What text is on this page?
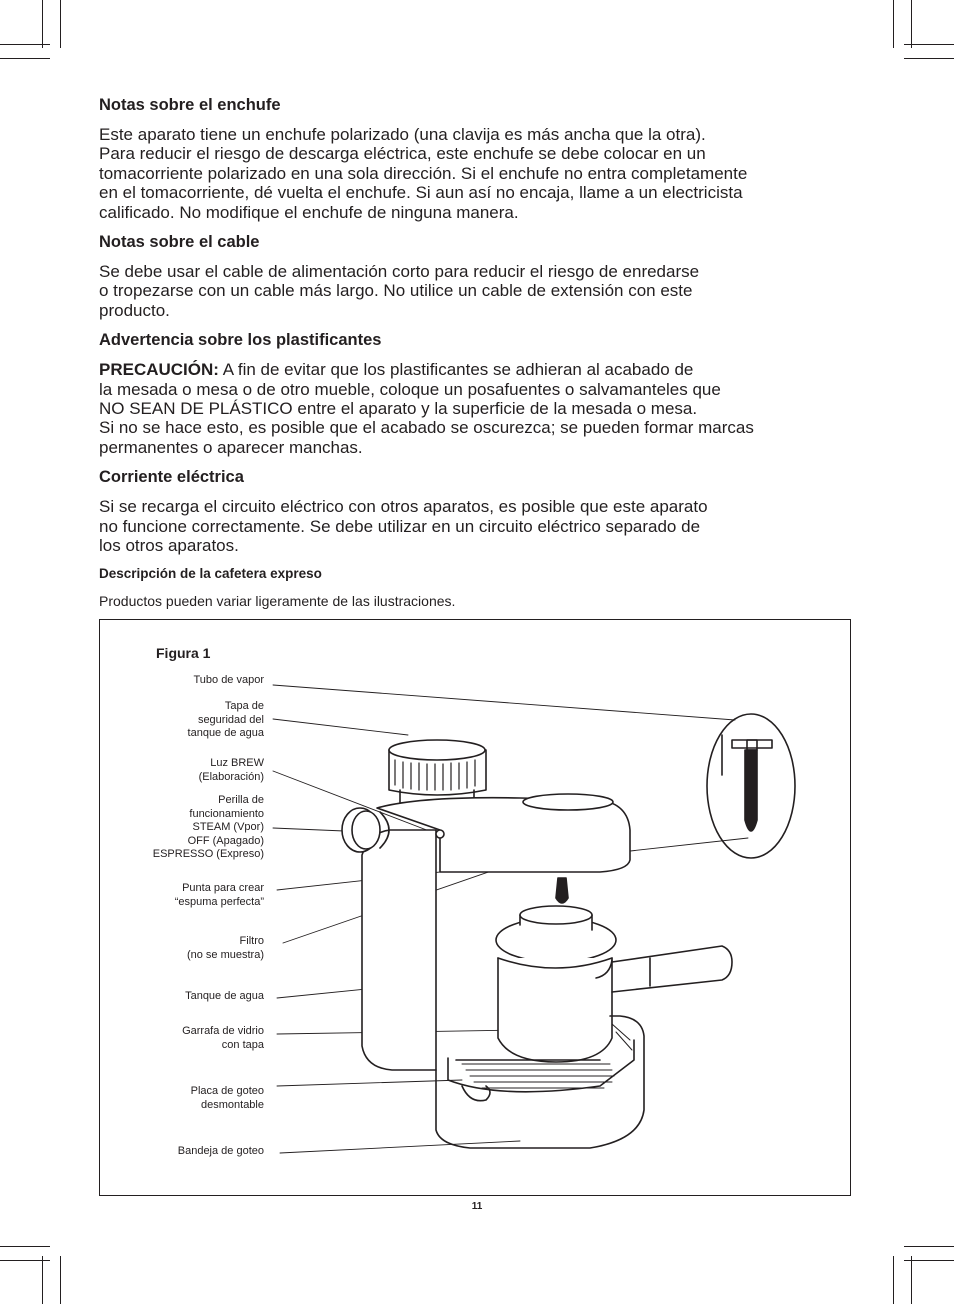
Notas sobre el enchufe

Este aparato tiene un enchufe polarizado (una clavija es más ancha que la otra).
Para reducir el riesgo de descarga eléctrica, este enchufe se debe colocar en un
tomacorriente polarizado en una sola dirección. Si el enchufe no entra completamente
en el tomacorriente, dé vuelta el enchufe. Si aun así no encaja, llame a un electricista
calificado. No modifique el enchufe de ninguna manera.

Notas sobre el cable

Se debe usar el cable de alimentación corto para reducir el riesgo de enredarse
o tropezarse con un cable más largo. No utilice un cable de extensión con este
producto.

Advertencia sobre los plastificantes

PRECAUCIÓN: A fin de evitar que los plastificantes se adhieran al acabado de
la mesada o mesa o de otro mueble, coloque un posafuentes o salvamanteles que
NO SEAN DE PLÁSTICO entre el aparato y la superficie de la mesada o mesa.
Si no se hace esto, es posible que el acabado se oscurezca; se pueden formar marcas
permanentes o aparecer manchas.

Corriente eléctrica

Si se recarga el circuito eléctrico con otros aparatos, es posible que este aparato
no funcione correctamente. Se debe utilizar en un circuito eléctrico separado de
los otros aparatos.

Descripción de la cafetera expreso

Productos pueden variar ligeramente de las ilustraciones.

Figura 1
Tubo de vapor
Tapa de
seguridad del
tanque de agua
Luz BREW
(Elaboración)
Perilla de
funcionamiento
STEAM (Vpor)
OFF (Apagado)
ESPRESSO (Expreso)
Punta para crear
“espuma perfecta”
Filtro
(no se muestra)
Tanque de agua
Garrafa de vidrio
con tapa
Placa de goteo
desmontable
Bandeja de goteo
11
